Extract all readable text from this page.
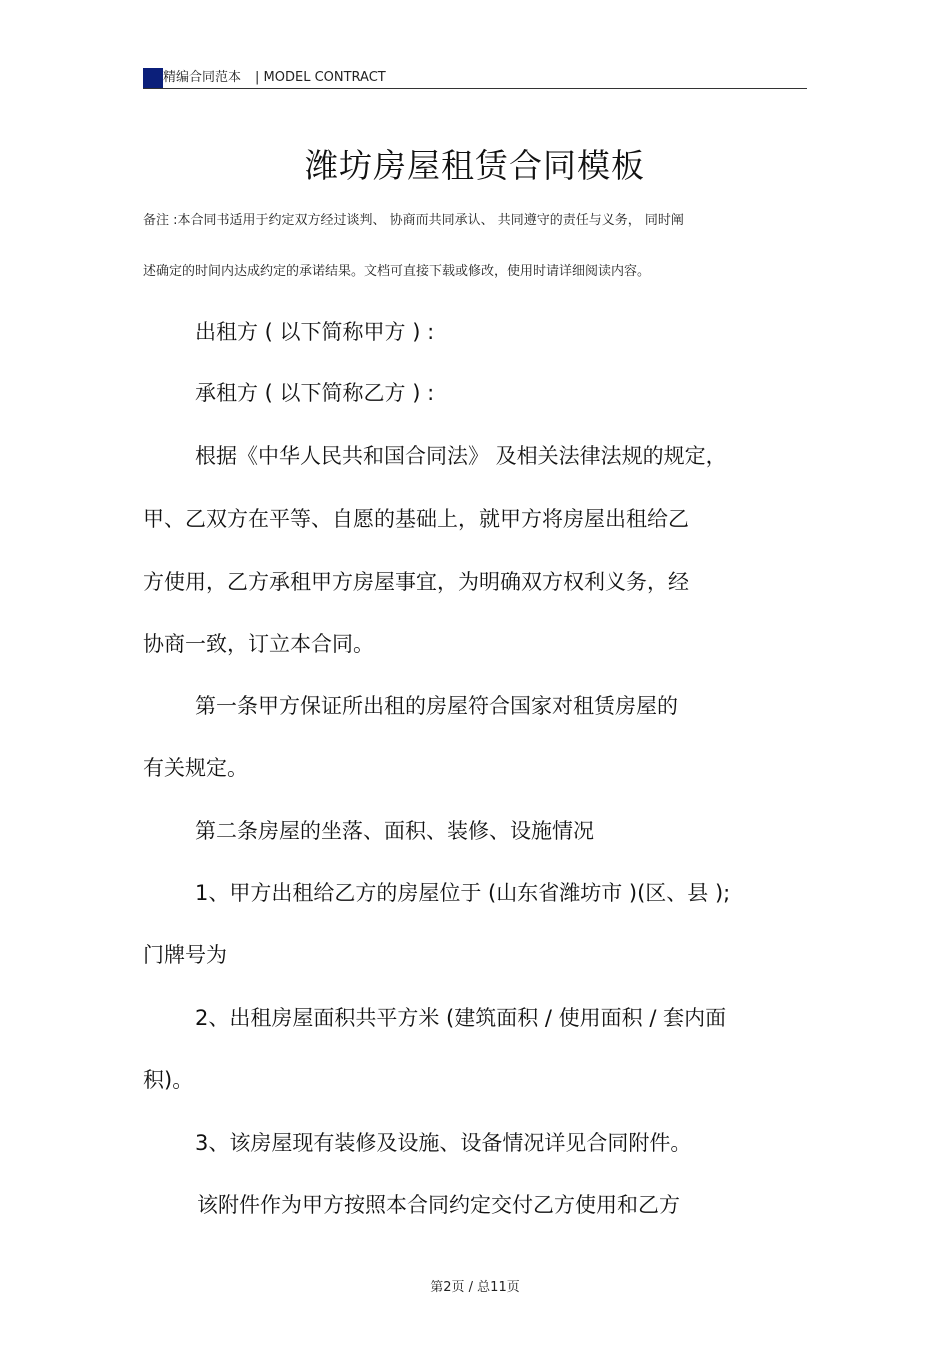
精编合同范本 | MODEL CONTRACT
潍坊房屋租赁合同模板
备注 :本合同书适用于约定双方经过谈判、 协商而共同承认、 共同遵守的责任与义务， 同时阐
述确定的时间内达成约定的承诺结果。文档可直接下载或修改，使用时请详细阅读内容。
出租方 ( 以下简称甲方 ) :
承租方 ( 以下简称乙方 ) :
根据《中华人民共和国合同法》 及相关法律法规的规定，
甲、乙双方在平等、自愿的基础上，就甲方将房屋出租给乙
方使用，乙方承租甲方房屋事宜，为明确双方权利义务，经
协商一致，订立本合同。
第一条甲方保证所出租的房屋符合国家对租赁房屋的
有关规定。
第二条房屋的坐落、面积、装修、设施情况
1、甲方出租给乙方的房屋位于 (山东省潍坊市 )(区、县 );
门牌号为
2、出租房屋面积共平方米 (建筑面积 / 使用面积 / 套内面
积)。
3、该房屋现有装修及设施、设备情况详见合同附件。
该附件作为甲方按照本合同约定交付乙方使用和乙方
第2页 / 总11页
